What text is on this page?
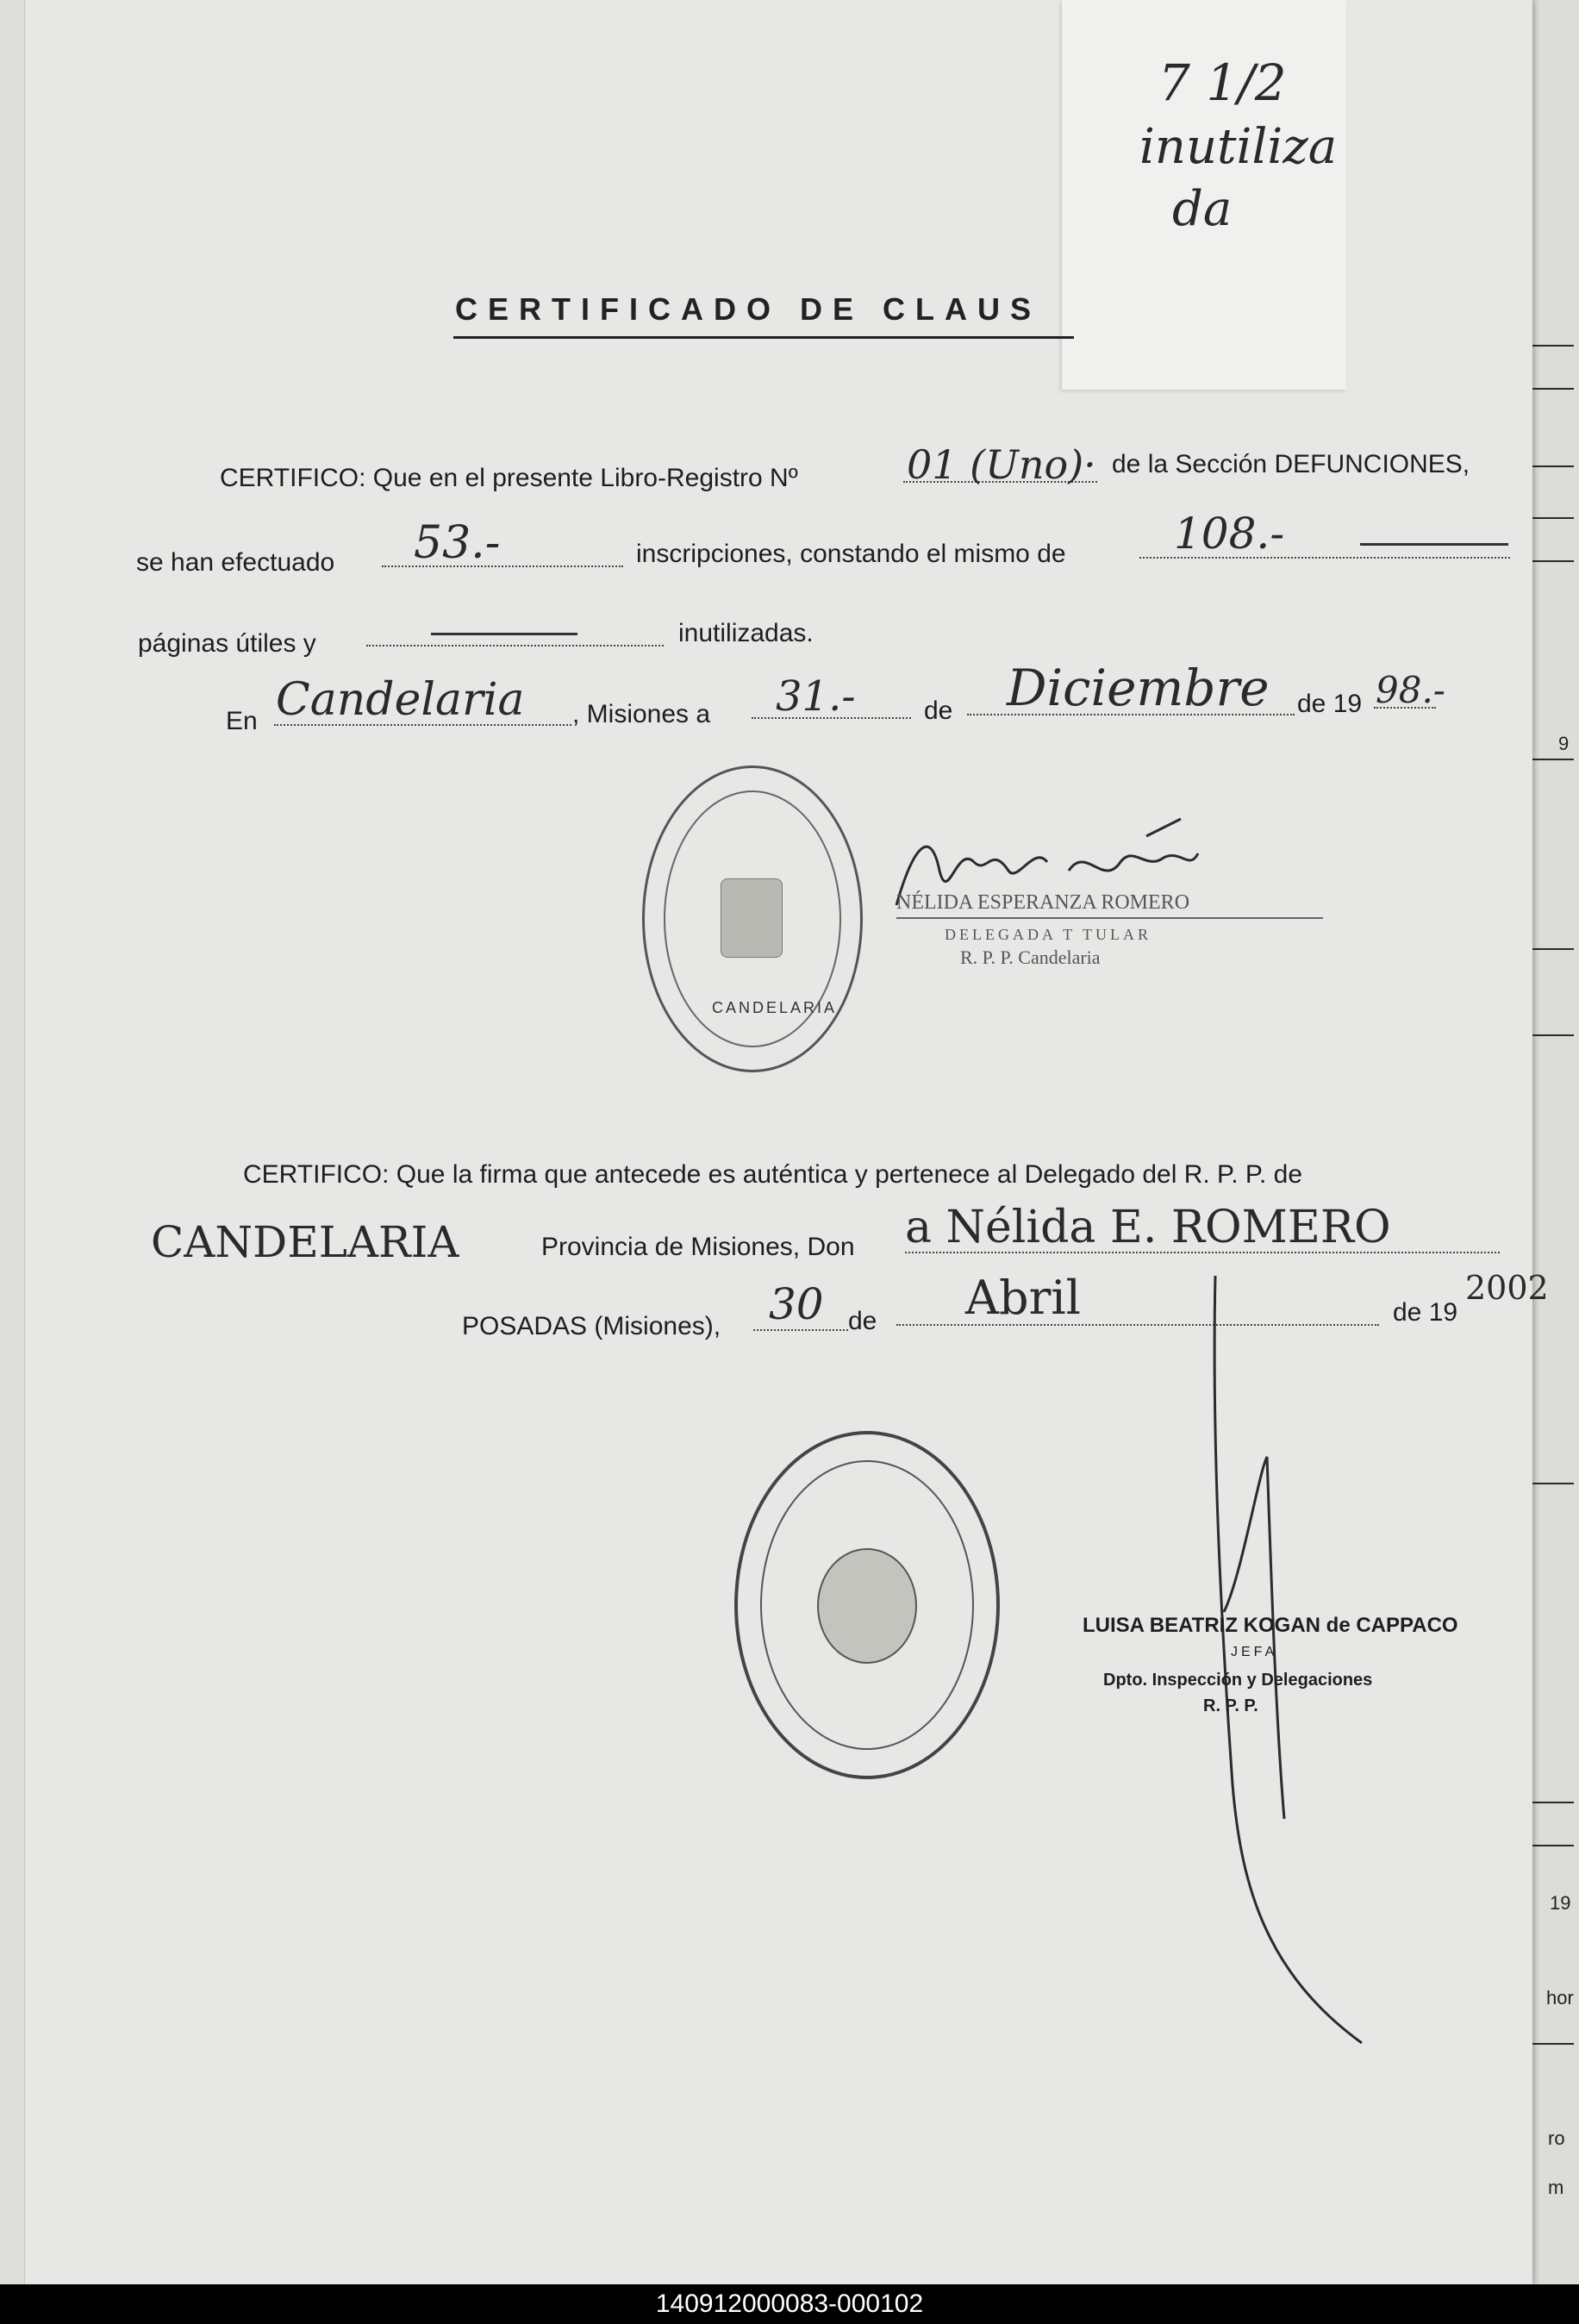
9
19
hor
ro
m
7 1/2
inutiliza
da
CERTIFICADO DE CLAUS
CERTIFICO: Que en el presente Libro-Registro Nº	01 (Uno)· de la Sección DEFUNCIONES,
se han efectuado 53.-	inscripciones, constando el mismo de	108.-
páginas útiles y	inutilizadas.
En Candelaria , Misiones a 31.-	de Diciembre de 19 98.-
CANDELARIA
NÉLIDA ESPERANZA ROMERO
DELEGADA T TULAR
R. P. P. Candelaria
CERTIFICO: Que la firma que antecede es auténtica y pertenece al Delegado del R. P. P. de
CANDELARIA	Provincia de Misiones, Don a Nélida E. ROMERO
POSADAS (Misiones), 30 de Abril	de 19
2002
LUISA BEATRIZ KOGAN de CAPPACO
JEFA
Dpto. Inspección y Delegaciones
R. P. P.
140912000083-000102
